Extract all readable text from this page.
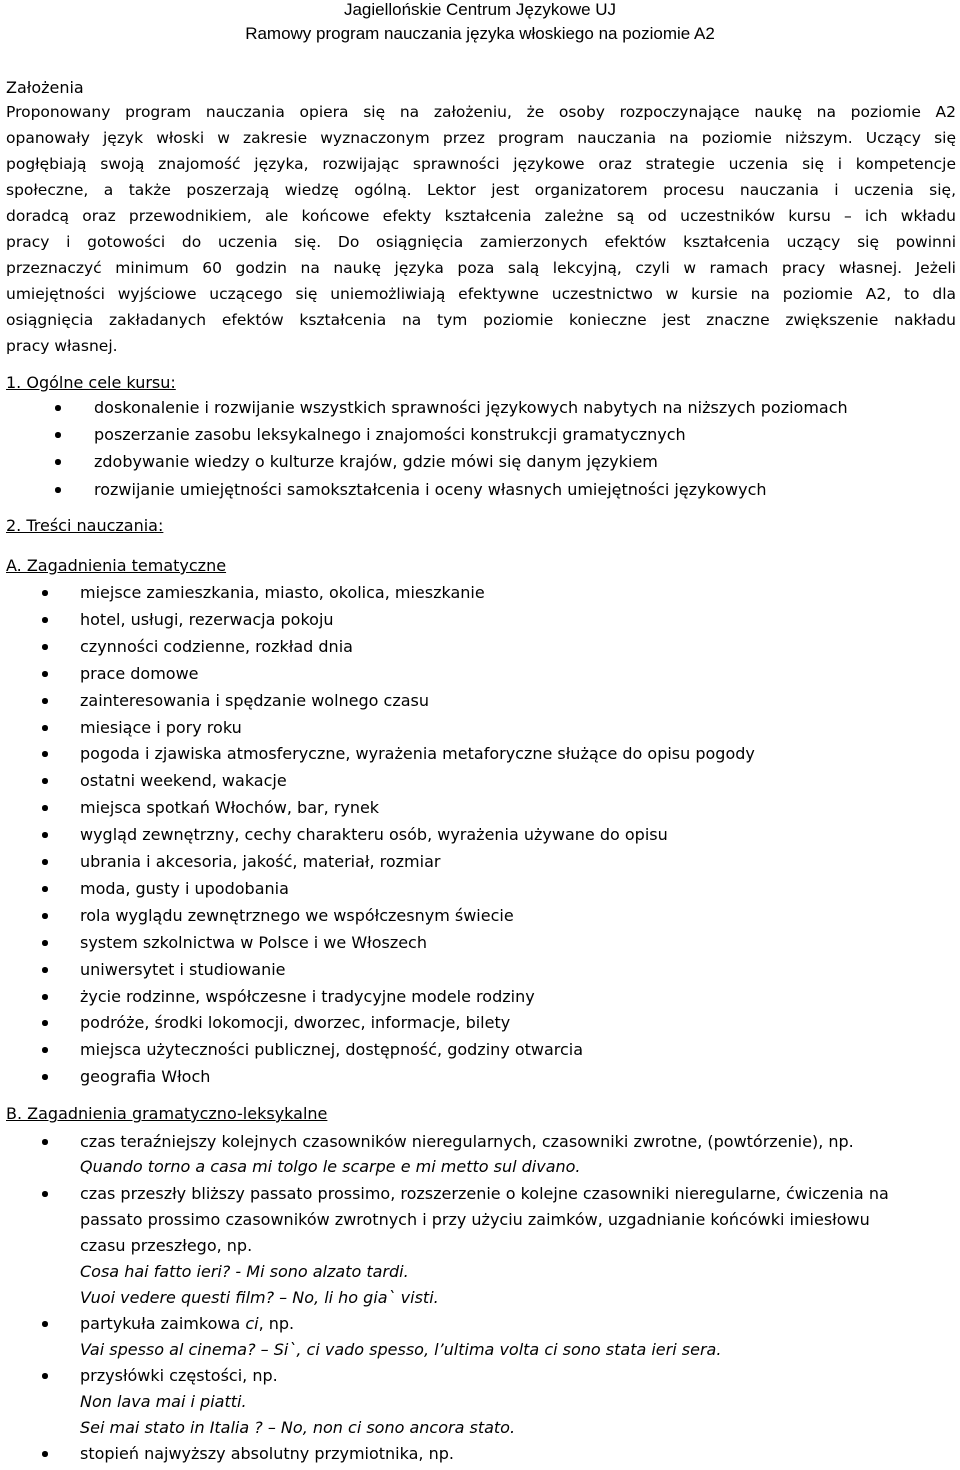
Jagiellońskie Centrum Językowe UJ
Ramowy program nauczania języka włoskiego na poziomie A2
Założenia
Proponowany program nauczania opiera się na założeniu, że osoby rozpoczynające naukę na poziomie A2
opanowały język włoski w zakresie wyznaczonym przez program nauczania na poziomie niższym. Uczący się
pogłębiają swoją znajomość języka, rozwijając sprawności językowe oraz strategie uczenia się i kompetencje
społeczne, a także poszerzają wiedzę ogólną. Lektor jest organizatorem procesu nauczania i uczenia się,
doradcą oraz przewodnikiem, ale końcowe efekty kształcenia zależne są od uczestników kursu – ich wkładu
pracy i gotowości do uczenia się. Do osiągnięcia zamierzonych efektów kształcenia uczący się powinni
przeznaczyć minimum 60 godzin na naukę języka poza salą lekcyjną, czyli w ramach pracy własnej. Jeżeli
umiejętności wyjściowe uczącego się uniemożliwiają efektywne uczestnictwo w kursie na poziomie A2, to dla
osiągnięcia zakładanych efektów kształcenia na tym poziomie konieczne jest znaczne zwiększenie nakładu
pracy własnej.
1. Ogólne cele kursu:
doskonalenie i rozwijanie wszystkich sprawności językowych nabytych na niższych poziomach
poszerzanie zasobu leksykalnego i znajomości konstrukcji gramatycznych
zdobywanie wiedzy o kulturze krajów, gdzie mówi się danym językiem
rozwijanie umiejętności samokształcenia i oceny własnych umiejętności językowych
2. Treści nauczania:
A. Zagadnienia tematyczne
miejsce zamieszkania, miasto, okolica, mieszkanie
hotel, usługi, rezerwacja pokoju
czynności codzienne, rozkład dnia
prace domowe
zainteresowania i spędzanie wolnego czasu
miesiące i pory roku
pogoda i zjawiska atmosferyczne, wyrażenia metaforyczne służące do opisu pogody
ostatni weekend, wakacje
miejsca spotkań Włochów, bar, rynek
wygląd zewnętrzny, cechy charakteru osób, wyrażenia używane do opisu
ubrania i akcesoria, jakość, materiał, rozmiar
moda, gusty i upodobania
rola wyglądu zewnętrznego we współczesnym świecie
system szkolnictwa w Polsce i we Włoszech
uniwersytet i studiowanie
życie rodzinne, współczesne i tradycyjne modele rodziny
podróże, środki lokomocji, dworzec, informacje, bilety
miejsca użyteczności publicznej, dostępność, godziny otwarcia
geografia Włoch
B. Zagadnienia gramatyczno-leksykalne
czas teraźniejszy kolejnych czasowników nieregularnych, czasowniki zwrotne, (powtórzenie), np.
Quando torno a casa mi tolgo le scarpe e mi metto sul divano.
czas przeszły bliższy passato prossimo, rozszerzenie o kolejne czasowniki nieregularne, ćwiczenia na
passato prossimo czasowników zwrotnych i przy użyciu zaimków, uzgadnianie końcówki imiesłowu
czasu przeszłego, np.
Cosa hai fatto ieri? - Mi sono alzato tardi.
Vuoi vedere questi film? – No, li ho gia` visti.
partykuła zaimkowa ci, np.
Vai spesso al cinema? – Si`, ci vado spesso, l’ultima volta ci sono stata ieri sera.
przysłówki częstości, np.
Non lava mai i piatti.
Sei mai stato in Italia ? – No, non ci sono ancora stato.
stopień najwyższy absolutny przymiotnika, np.
